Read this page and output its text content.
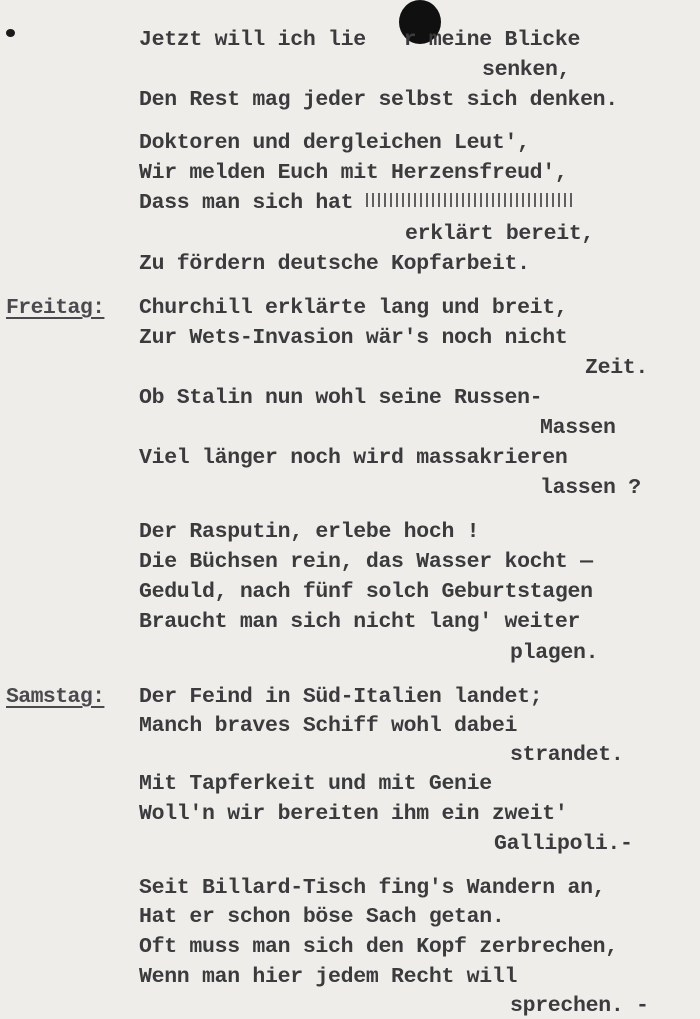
Jetzt will ich lie   r meine Blicke
senken,
Den Rest mag jeder selbst sich denken.
Doktoren und dergleichen Leut',
Wir melden Euch mit Herzensfreud',
Dass man sich hat
erklärt bereit,
Zu fördern deutsche Kopfarbeit.
Freitag: Churchill erklärte lang und breit,
Zur Wets-Invasion wär's noch nicht
Zeit.
Ob Stalin nun wohl seine Russen-
Massen
Viel länger noch wird massakrieren
lassen ?
Der Rasputin, erlebe hoch !
Die Büchsen rein, das Wasser kocht —
Geduld, nach fünf solch Geburtstagen
Braucht man sich nicht lang' weiter
plagen.
Samstag: Der Feind in Süd-Italien landet;
Manch braves Schiff wohl dabei
strandet.
Mit Tapferkeit und mit Genie
Woll'n wir bereiten ihm ein zweit'
Gallipoli.-
Seit Billard-Tisch fing's Wandern an,
Hat er schon böse Sach getan.
Oft muss man sich den Kopf zerbrechen,
Wenn man hier jedem Recht will
sprechen. -
